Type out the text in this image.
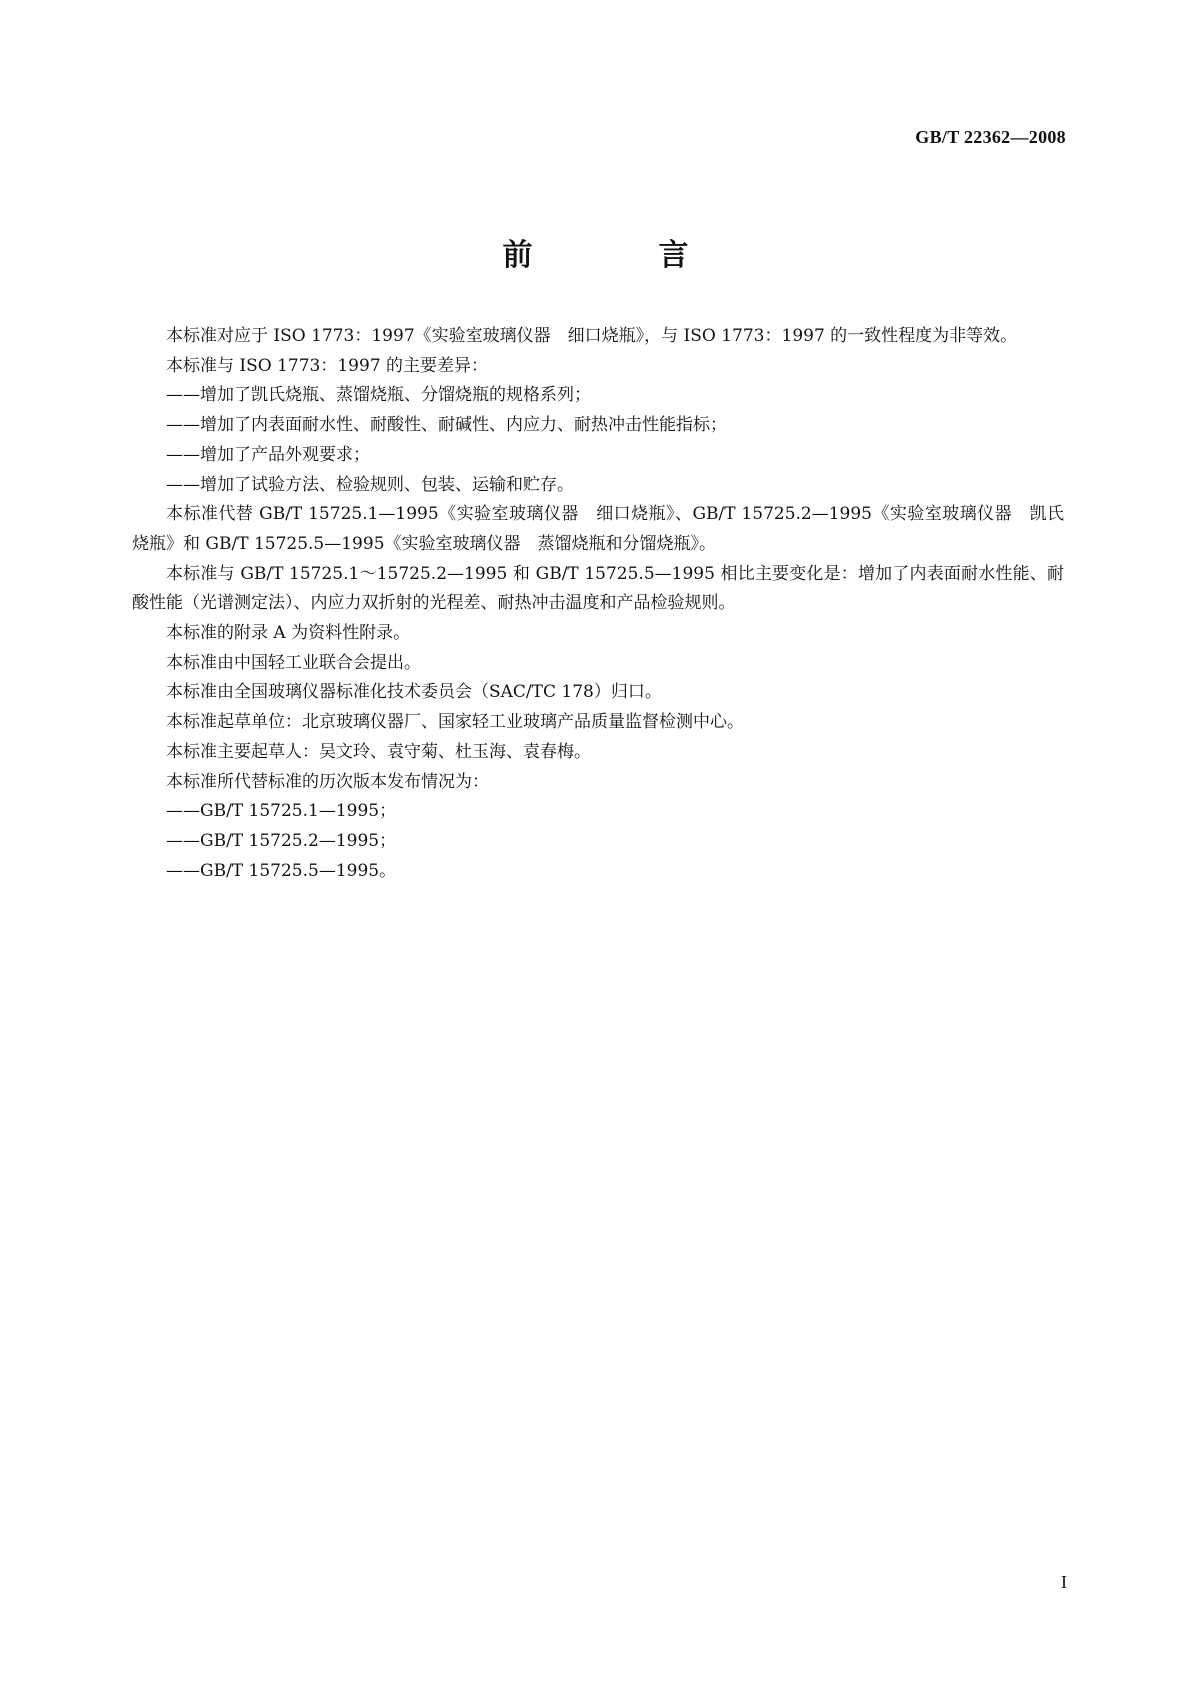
GB/T 22362—2008
前　言

本标准对应于 ISO 1773：1997《实验室玻璃仪器　细口烧瓶》，与 ISO 1773：1997 的一致性程度为非等效。

本标准与 ISO 1773：1997 的主要差异：

——增加了凯氏烧瓶、蒸馏烧瓶、分馏烧瓶的规格系列；

——增加了内表面耐水性、耐酸性、耐碱性、内应力、耐热冲击性能指标；

——增加了产品外观要求；

——增加了试验方法、检验规则、包装、运输和贮存。

本标准代替 GB/T 15725.1—1995《实验室玻璃仪器　细口烧瓶》、GB/T 15725.2—1995《实验室玻璃仪器　凯氏烧瓶》和 GB/T 15725.5—1995《实验室玻璃仪器　蒸馏烧瓶和分馏烧瓶》。

本标准与 GB/T 15725.1～15725.2—1995 和 GB/T 15725.5—1995 相比主要变化是：增加了内表面耐水性能、耐酸性能（光谱测定法）、内应力双折射的光程差、耐热冲击温度和产品检验规则。

本标准的附录 A 为资料性附录。

本标准由中国轻工业联合会提出。

本标准由全国玻璃仪器标准化技术委员会（SAC/TC 178）归口。

本标准起草单位：北京玻璃仪器厂、国家轻工业玻璃产品质量监督检测中心。

本标准主要起草人：吴文玲、袁守菊、杜玉海、袁春梅。

本标准所代替标准的历次版本发布情况为：

——GB/T 15725.1—1995；

——GB/T 15725.2—1995；

——GB/T 15725.5—1995。

I
